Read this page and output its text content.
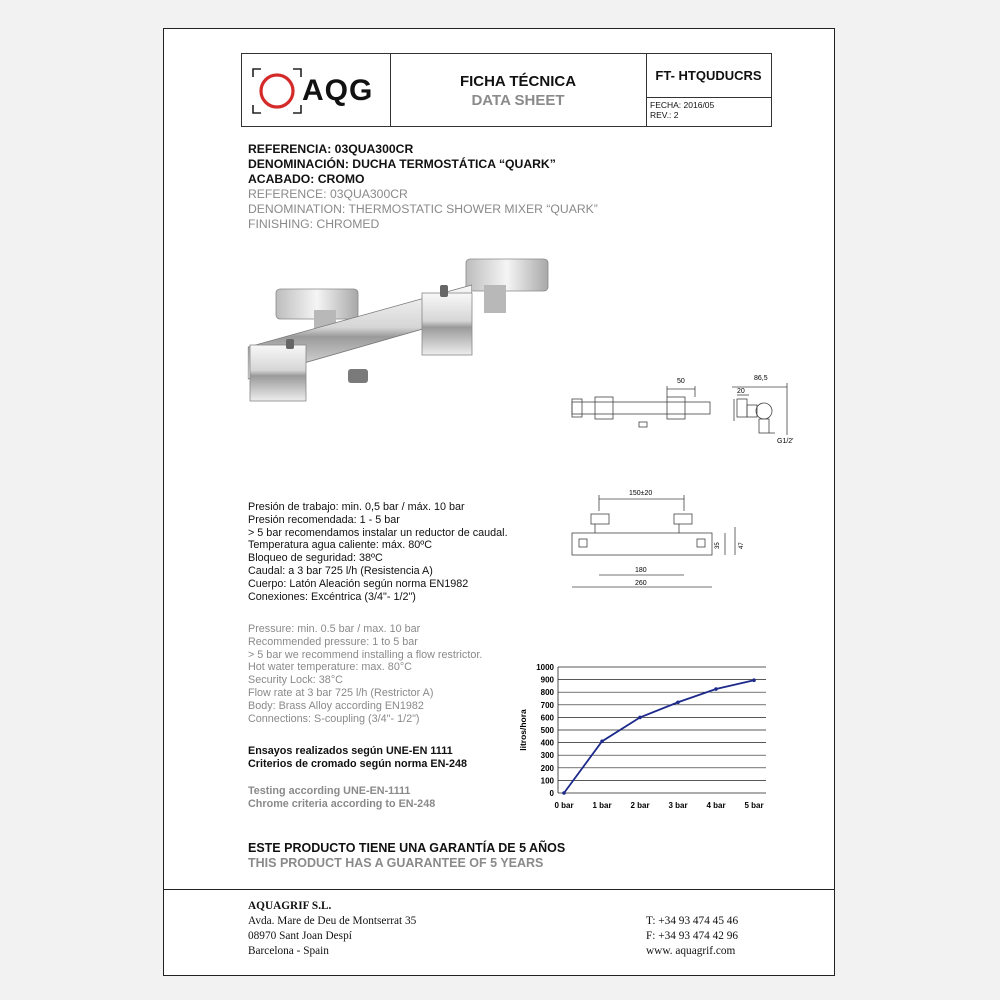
AQG	FICHA TÉCNICA
DATA SHEET
FT- HTQUDUCRS
FECHA: 2016/05
REV.: 2
REFERENCIA: 03QUA300CR
DENOMINACIÓN: DUCHA TERMOSTÁTICA “QUARK”
ACABADO: CROMO
REFERENCE: 03QUA300CR
DENOMINATION: THERMOSTATIC SHOWER MIXER “QUARK”
FINISHING: CHROMED
50	86,5
20
G1/2'
150±20
180
260
35	47
Presión de trabajo: min. 0,5 bar / máx. 10 bar
Presión recomendada: 1 - 5 bar
> 5 bar recomendamos instalar un reductor de caudal.
Temperatura agua caliente: máx. 80ºC
Bloqueo de seguridad: 38ºC
Caudal: a 3 bar 725 l/h (Resistencia A)
Cuerpo: Latón Aleación según norma EN1982
Conexiones: Excéntrica (3/4"- 1/2")
Pressure: min. 0.5 bar / max. 10 bar
Recommended pressure: 1 to 5 bar
> 5 bar we recommend installing a flow restrictor.
Hot water temperature: max. 80°C
Security Lock: 38°C
Flow rate at 3 bar 725 l/h (Restrictor A)
Body: Brass Alloy according EN1982
Connections: S-coupling (3/4"- 1/2")
Ensayos realizados según UNE-EN 1111
Criterios de cromado según norma EN-248
Testing according UNE-EN-1111
Chrome criteria according to EN-248
0
100
200
300
400
500
600
700
800
900
1000
0 bar 1 bar 2 bar 3 bar 4 bar 5 bar
litros/hora
ESTE PRODUCTO TIENE UNA GARANTÍA DE 5 AÑOS
THIS PRODUCT HAS A GUARANTEE OF 5 YEARS
AQUAGRIF S.L.
Avda. Mare de Deu de Montserrat 35
08970 Sant Joan Despí
Barcelona - Spain
T: +34 93 474 45 46
F: +34 93 474 42 96
www. aquagrif.com
